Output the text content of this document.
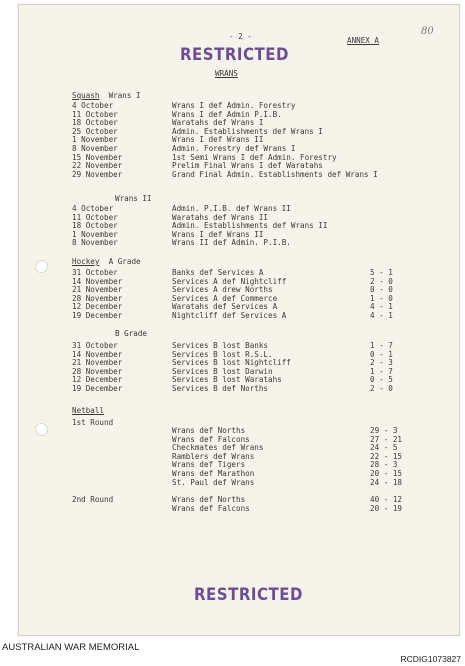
- 2 -	ANNEX A
80
RESTRICTED
WRANS
Squash Wrans I
4 October	Wrans I def Admin. Forestry
11 October	Wrans I def Admin P.I.B.
18 October	Waratahs def Wrans I
25 October	Admin. Establishments def Wrans I
1 November	Wrans I def Wrans II
8 November	Admin. Forestry def Wrans I
15 November	1st Semi Wrans I def Admin. Forestry
22 November	Prelim Final Wrans I def Waratahs
29 November	Grand Final Admin. Establishments def Wrans I
Wrans II
4 October	Admin. P.I.B. def Wrans II
11 October	Waratahs def Wrans II
18 October	Admin. Establishments def Wrans II
1 November	Wrans I def Wrans II
8 November	Wrans II def Admin. P.I.B.
Hockey A Grade
31 October	Banks def Services A	5 - 1
14 November	Services A def Nightcliff	2 - 0
21 November	Services A drew Norths	0 - 0
28 November	Services A def Commerce	1 - 0
12 December	Waratahs def Services A	4 - 1
19 December	Nightcliff def Services A	4 - 1
B Grade
31 October	Services B lost Banks	1 - 7
14 November	Services B lost R.S.L.	0 - 1
21 November	Services B lost Nightcliff	2 - 3
28 November	Services B lost Darwin	1 - 7
12 December	Services B lost Waratahs	0 - 5
19 December	Services B def Norths	2 - 0
Netball
1st Round
Wrans def Norths	29 - 3
Wrans def Falcons	27 - 21
Checkmates def Wrans	24 - 5
Ramblers def Wrans	22 - 15
Wrans def Tigers	28 - 3
Wrans def Marathon	20 - 15
St. Paul def Wrans	24 - 18
2nd Round	Wrans def Norths	40 - 12
Wrans def Falcons	20 - 19
RESTRICTED
AUSTRALIAN WAR MEMORIAL
RCDIG1073827
